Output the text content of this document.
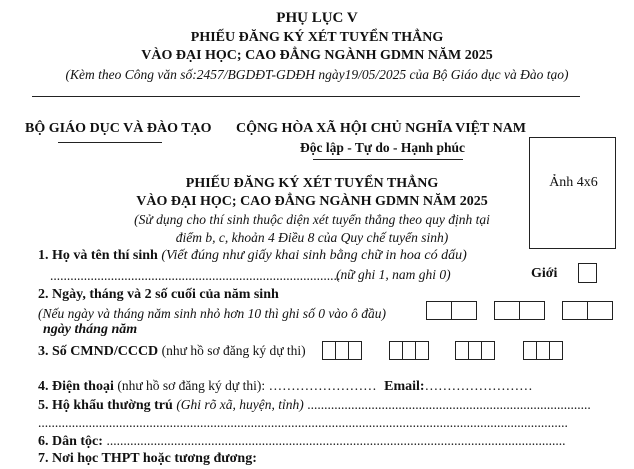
PHỤ LỤC V
PHIẾU ĐĂNG KÝ XÉT TUYỂN THẲNG
VÀO ĐẠI HỌC; CAO ĐẲNG NGÀNH GDMN NĂM 2025
(Kèm theo Công văn số:2457/BGDĐT-GDĐH ngày19/05/2025 của Bộ Giáo dục và Đào tạo)
BỘ GIÁO DỤC VÀ ĐÀO TẠO CỘNG HÒA XÃ HỘI CHỦ NGHĨA VIỆT NAM
Độc lập - Tự do - Hạnh phúc
Ảnh 4x6
PHIẾU ĐĂNG KÝ XÉT TUYỂN THẲNG
VÀO ĐẠI HỌC; CAO ĐẲNG NGÀNH GDMN NĂM 2025
(Sử dụng cho thí sinh thuộc diện xét tuyển thẳng theo quy định tại
điểm b, c, khoản 4 Điều 8 của Quy chế tuyển sinh)
1. Họ và tên thí sinh (Viết đúng như giấy khai sinh bằng chữ in hoa có dấu)
......................................................................................
(nữ ghi 1, nam ghi 0)	Giới
2. Ngày, tháng và 2 số cuối của năm sinh
(Nếu ngày và tháng năm sinh nhỏ hơn 10 thì ghi số 0 vào ô đầu)
ngày tháng năm
3. Số CMND/CCCD (như hồ sơ đăng ký dự thi)
4. Điện thoại (như hồ sơ đăng ký dự thi): …………………… Email:……………………
5. Hộ khẩu thường trú (Ghi rõ xã, huyện, tỉnh) ....................................................................................
.............................................................................................................................................................
6. Dân tộc: ........................................................................................................................................
7. Nơi học THPT hoặc tương đương:
